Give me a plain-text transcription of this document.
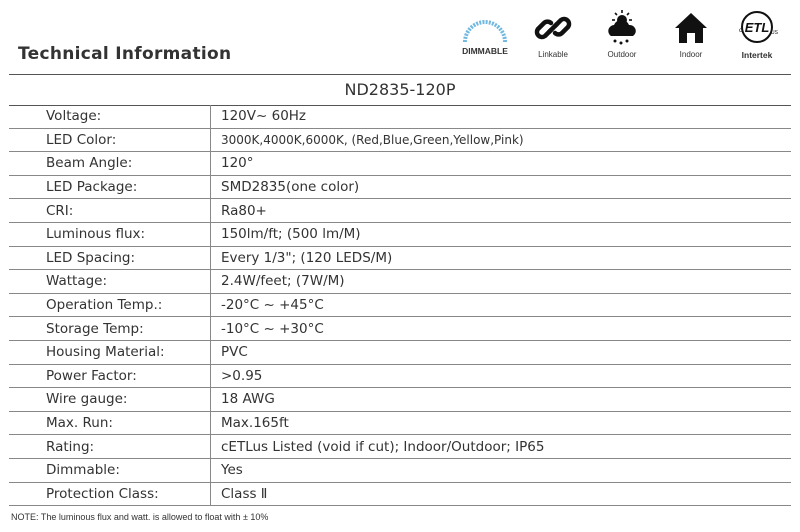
Technical Information	DIMMABLE	Linkable	Outdoor	Indoor
ETL
c	US
Intertek
ND2835-120P
Voltage:	120V~ 60Hz
LED Color:	3000K,4000K,6000K, (Red,Blue,Green,Yellow,Pink)
Beam Angle:	120°
LED Package:	SMD2835(one color)
CRI:	Ra80+
Luminous flux:	150lm/ft; (500 lm/M)
LED Spacing:	Every 1/3"; (120 LEDS/M)
Wattage:	2.4W/feet; (7W/M)
Operation Temp.:	-20°C ~ +45°C
Storage Temp:	-10°C ~ +30°C
Housing Material:	PVC
Power Factor:	>0.95
Wire gauge:	18 AWG
Max. Run:	Max.165ft
Rating:	cETLus Listed (void if cut); Indoor/Outdoor; IP65
Dimmable:	Yes
Protection Class:	Class Ⅱ
NOTE: The luminous flux and watt. is allowed to float with ± 10%
